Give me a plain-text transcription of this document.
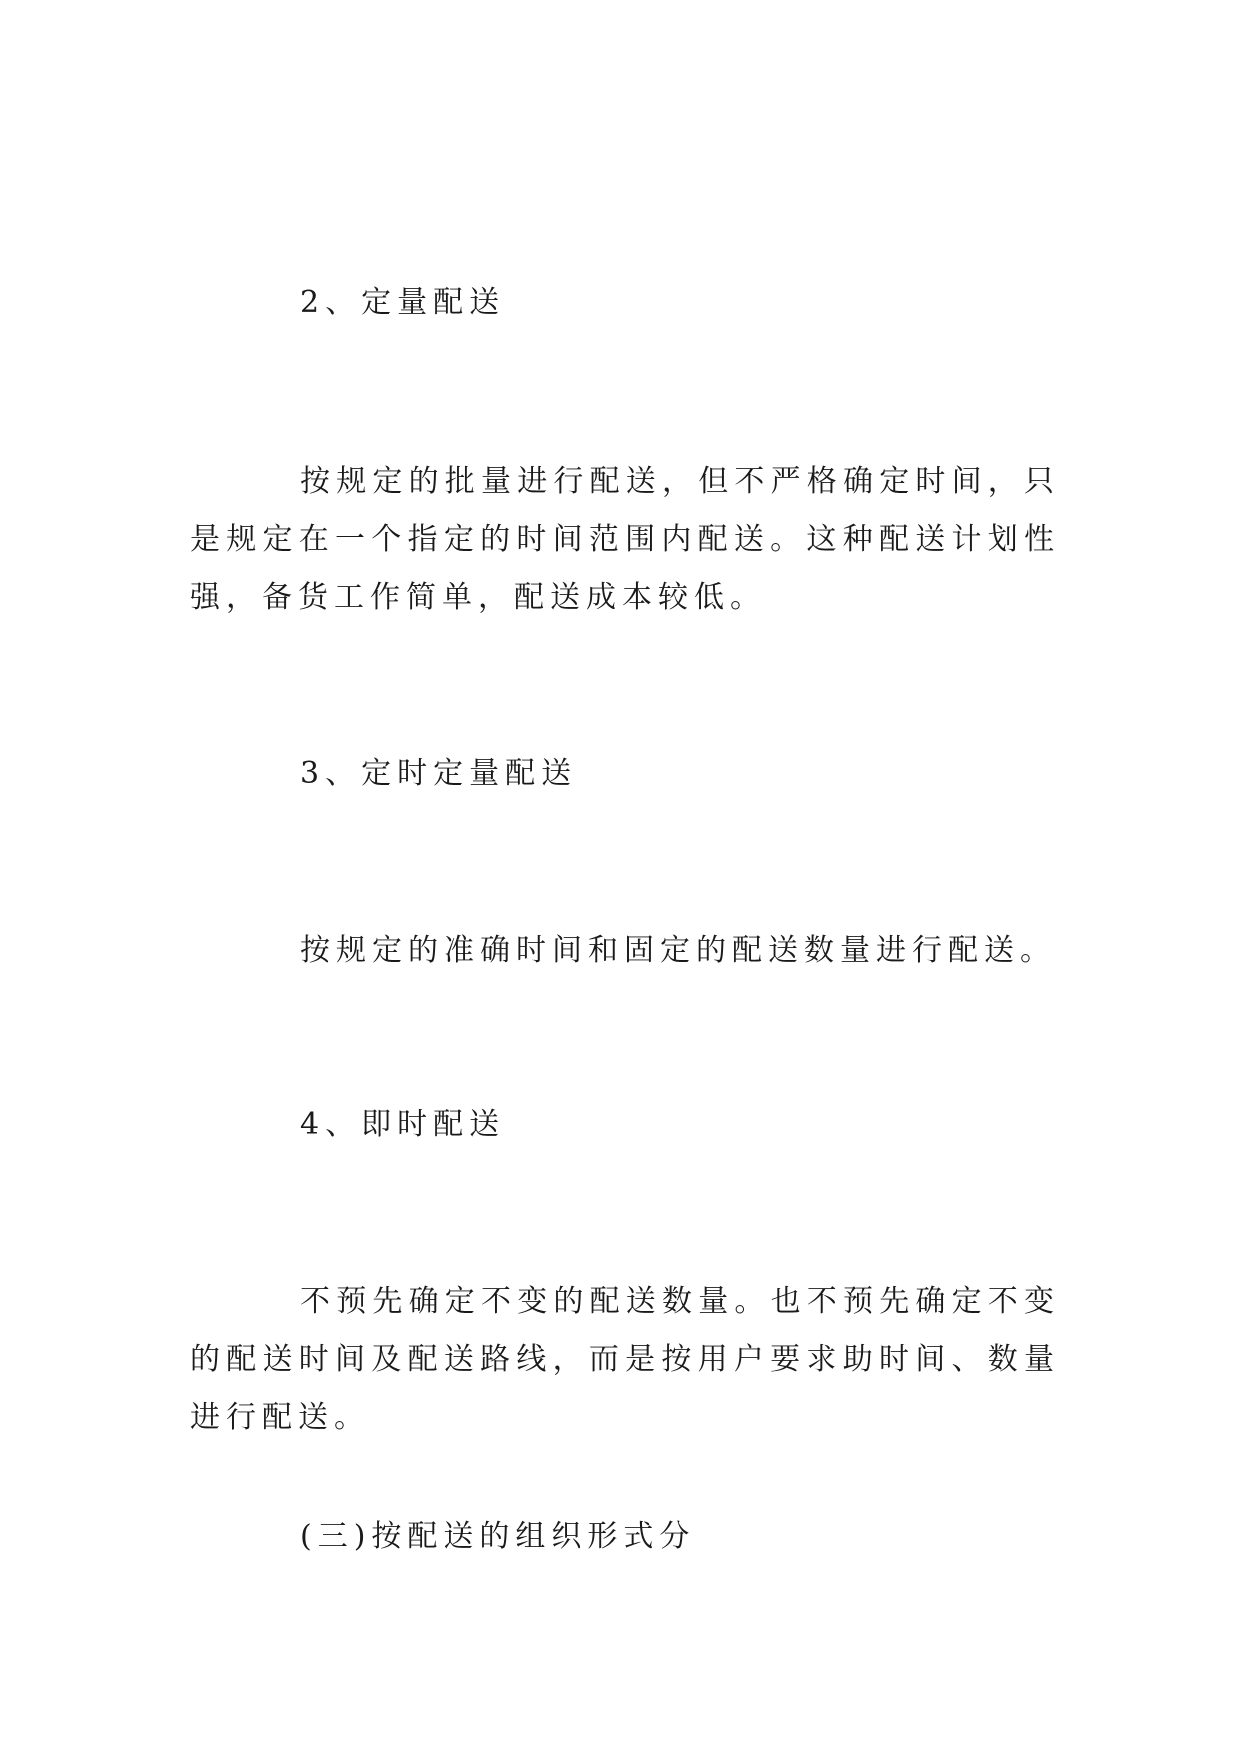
2、定量配送

按规定的批量进行配送，但不严格确定时间，只是规定在一个指定的时间范围内配送。这种配送计划性强，备货工作简单，配送成本较低。

3、定时定量配送

按规定的准确时间和固定的配送数量进行配送。

4、即时配送

不预先确定不变的配送数量。也不预先确定不变的配送时间及配送路线，而是按用户要求助时间、数量进行配送。

(三)按配送的组织形式分
